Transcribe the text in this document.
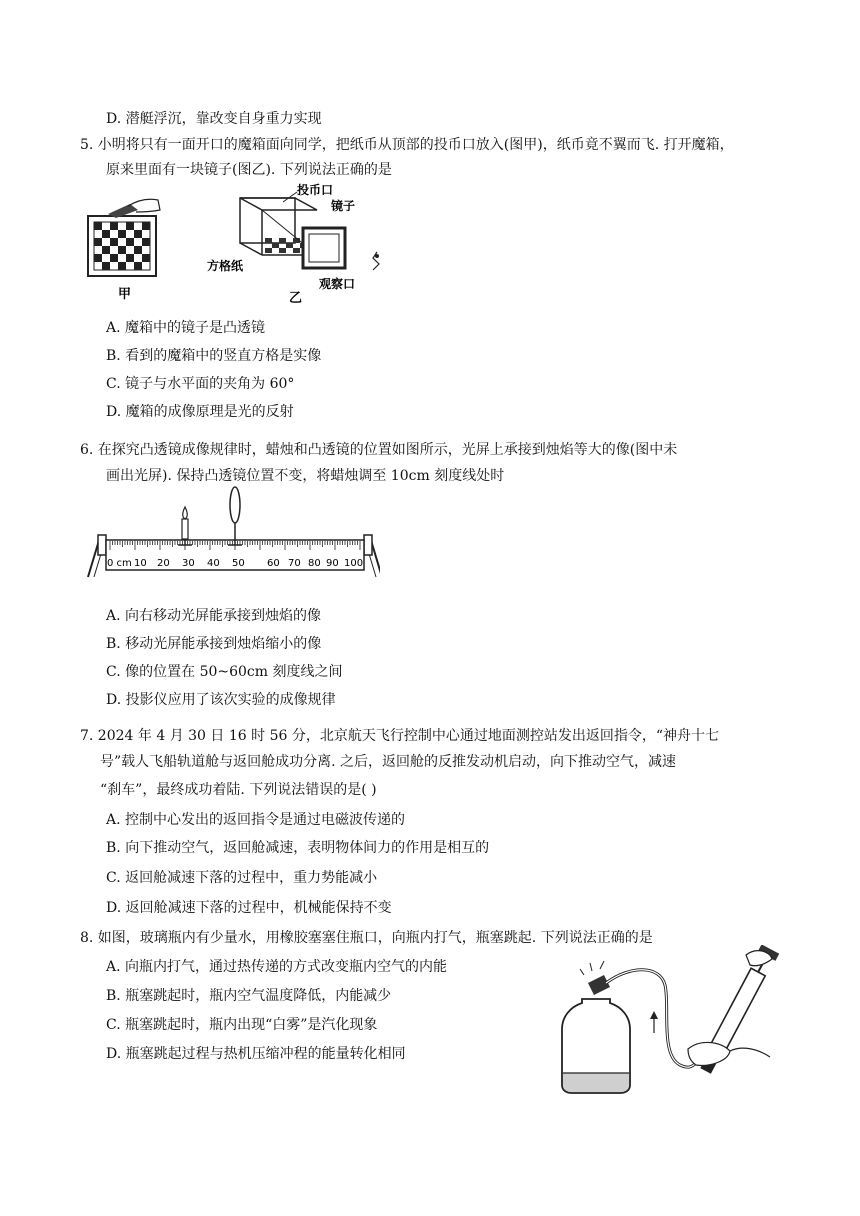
D. 潜艇浮沉，靠改变自身重力实现
5. 小明将只有一面开口的魔箱面向同学，把纸币从顶部的投币口放入(图甲)，纸币竟不翼而飞. 打开魔箱，
原来里面有一块镜子(图乙). 下列说法正确的是
甲
投币口
镜子
方格纸
观察口
乙
A. 魔箱中的镜子是凸透镜
B. 看到的魔箱中的竖直方格是实像
C. 镜子与水平面的夹角为 60°
D. 魔箱的成像原理是光的反射
6. 在探究凸透镜成像规律时，蜡烛和凸透镜的位置如图所示，光屏上承接到烛焰等大的像(图中未
画出光屏). 保持凸透镜位置不变，将蜡烛调至 10cm 刻度线处时
0 cm 10 20 30 40 50 60 70 80 90 100
A. 向右移动光屏能承接到烛焰的像
B. 移动光屏能承接到烛焰缩小的像
C. 像的位置在 50~60cm 刻度线之间
D. 投影仪应用了该次实验的成像规律
7. 2024 年 4 月 30 日 16 时 56 分，北京航天飞行控制中心通过地面测控站发出返回指令，“神舟十七
号”载人飞船轨道舱与返回舱成功分离. 之后，返回舱的反推发动机启动，向下推动空气，减速
“刹车”，最终成功着陆. 下列说法错误的是( )
A. 控制中心发出的返回指令是通过电磁波传递的
B. 向下推动空气，返回舱减速，表明物体间力的作用是相互的
C. 返回舱减速下落的过程中，重力势能减小
D. 返回舱减速下落的过程中，机械能保持不变
8. 如图，玻璃瓶内有少量水，用橡胶塞塞住瓶口，向瓶内打气，瓶塞跳起. 下列说法正确的是
A. 向瓶内打气，通过热传递的方式改变瓶内空气的内能
B. 瓶塞跳起时，瓶内空气温度降低，内能减少
C. 瓶塞跳起时，瓶内出现“白雾”是汽化现象
D. 瓶塞跳起过程与热机压缩冲程的能量转化相同
